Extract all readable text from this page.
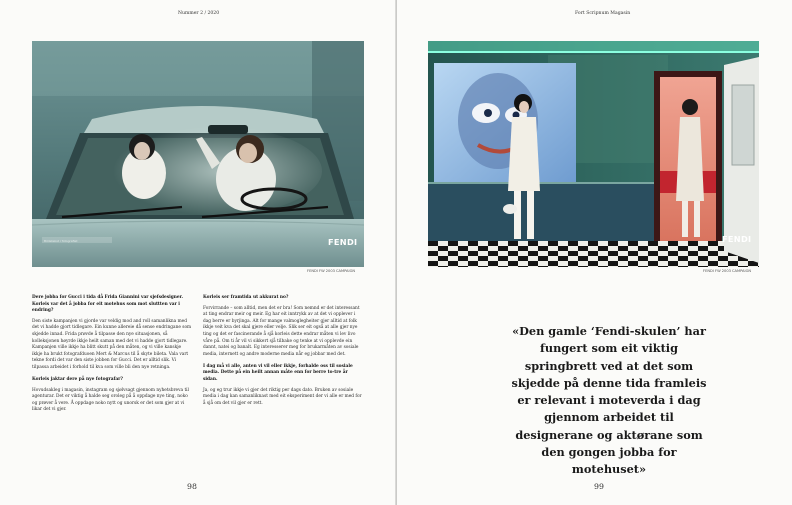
Nummer 2 / 2020
FENDI
Bildetekst i fotografiet
FENDI FW 2003 CAMPAIGN

Dere jobba for Gucci i tida då Frida Giannini var sjefsdesigner. Korleis var det å jobba for eit motehus som mot sluttten var i endring?

Den siste kampanjen vi gjorde var veldig mod and roll samanlikna med det vi hadde gjort tidlegare. Ein kunne allereie då sense endringane som skjedde innad. Frida prøvde å tilpasse den nye situasjonen, så kolleksjonen høyrde ikkje heilt saman med det vi hadde gjort tidlegare. Kampanjen ville ikkje ha blitt skutt på den måten, og vi ville kanskje ikkje ha brukt fotografduoen Mert & Marcus til å skyte bileta. Vala vart tekne fordi det var den siste jobben for Gucci. Det er alltid slik. Vi tilpassa arbeidet i forhold til kva som ville bli den nye retninga.

Korleis jaktar dere på nye fotografar?

Hovudsakleg i magasin, instagram og sjølvsagt gjennom nyhetsbreva til agenturar. Det er viktig å halde seg oroleg på å oppdage nye ting, noko og prøver å vere. Å oppdage noko nytt og unorsk er det som gjer at vi likar det vi gjer.

Korleis ser framtida ut akkurat no?

Forvirrande – som alltid, men det er bra! Som nemnd er det interessant at ting endrar meir og meir. Eg har eit inntrykk av at det vi opplever i dag berre er byrjinga. Alt for mange valmoglegheiter gjer alltid at folk ikkje veit kva det skal gjere eller velje. Slik ser eit også at alle gjer nye ting og det er fascinerande å sjå korleis dette endrar måten vi lev livo våre på. Om ti år vil vi sikkert sjå tilbake og tenke at vi opplevde ein dannt, natei og banalt. Eg interesserer meg for brukarmåten av sosiale media, internett og andre moderne media når eg jobbar med det.

I dag må vi alle, anten vi vil eller ikkje, forhalde oss til sosiale media. Dette på ein heilt annan måte enn for berre to-tre år sidan.

Ja, og eg trur ikkje vi gjer det riktig per dags dato. Bruken av sosiale media i dag kan samanliknast med eit eksperiment der vi alle er med for å sjå om det vil gjer er rett.

98
Fort Scripnum Magasin
FENDI
FENDI FW 2003 CAMPAIGN
«Den gamle ‘Fendi-skulen’ har fungert som eit viktig springbrett ved at det som skjedde på denne tida framleis er relevant i moteverda i dag gjennom arbeidet til designerane og aktørane som den gongen jobba for motehuset»
99
